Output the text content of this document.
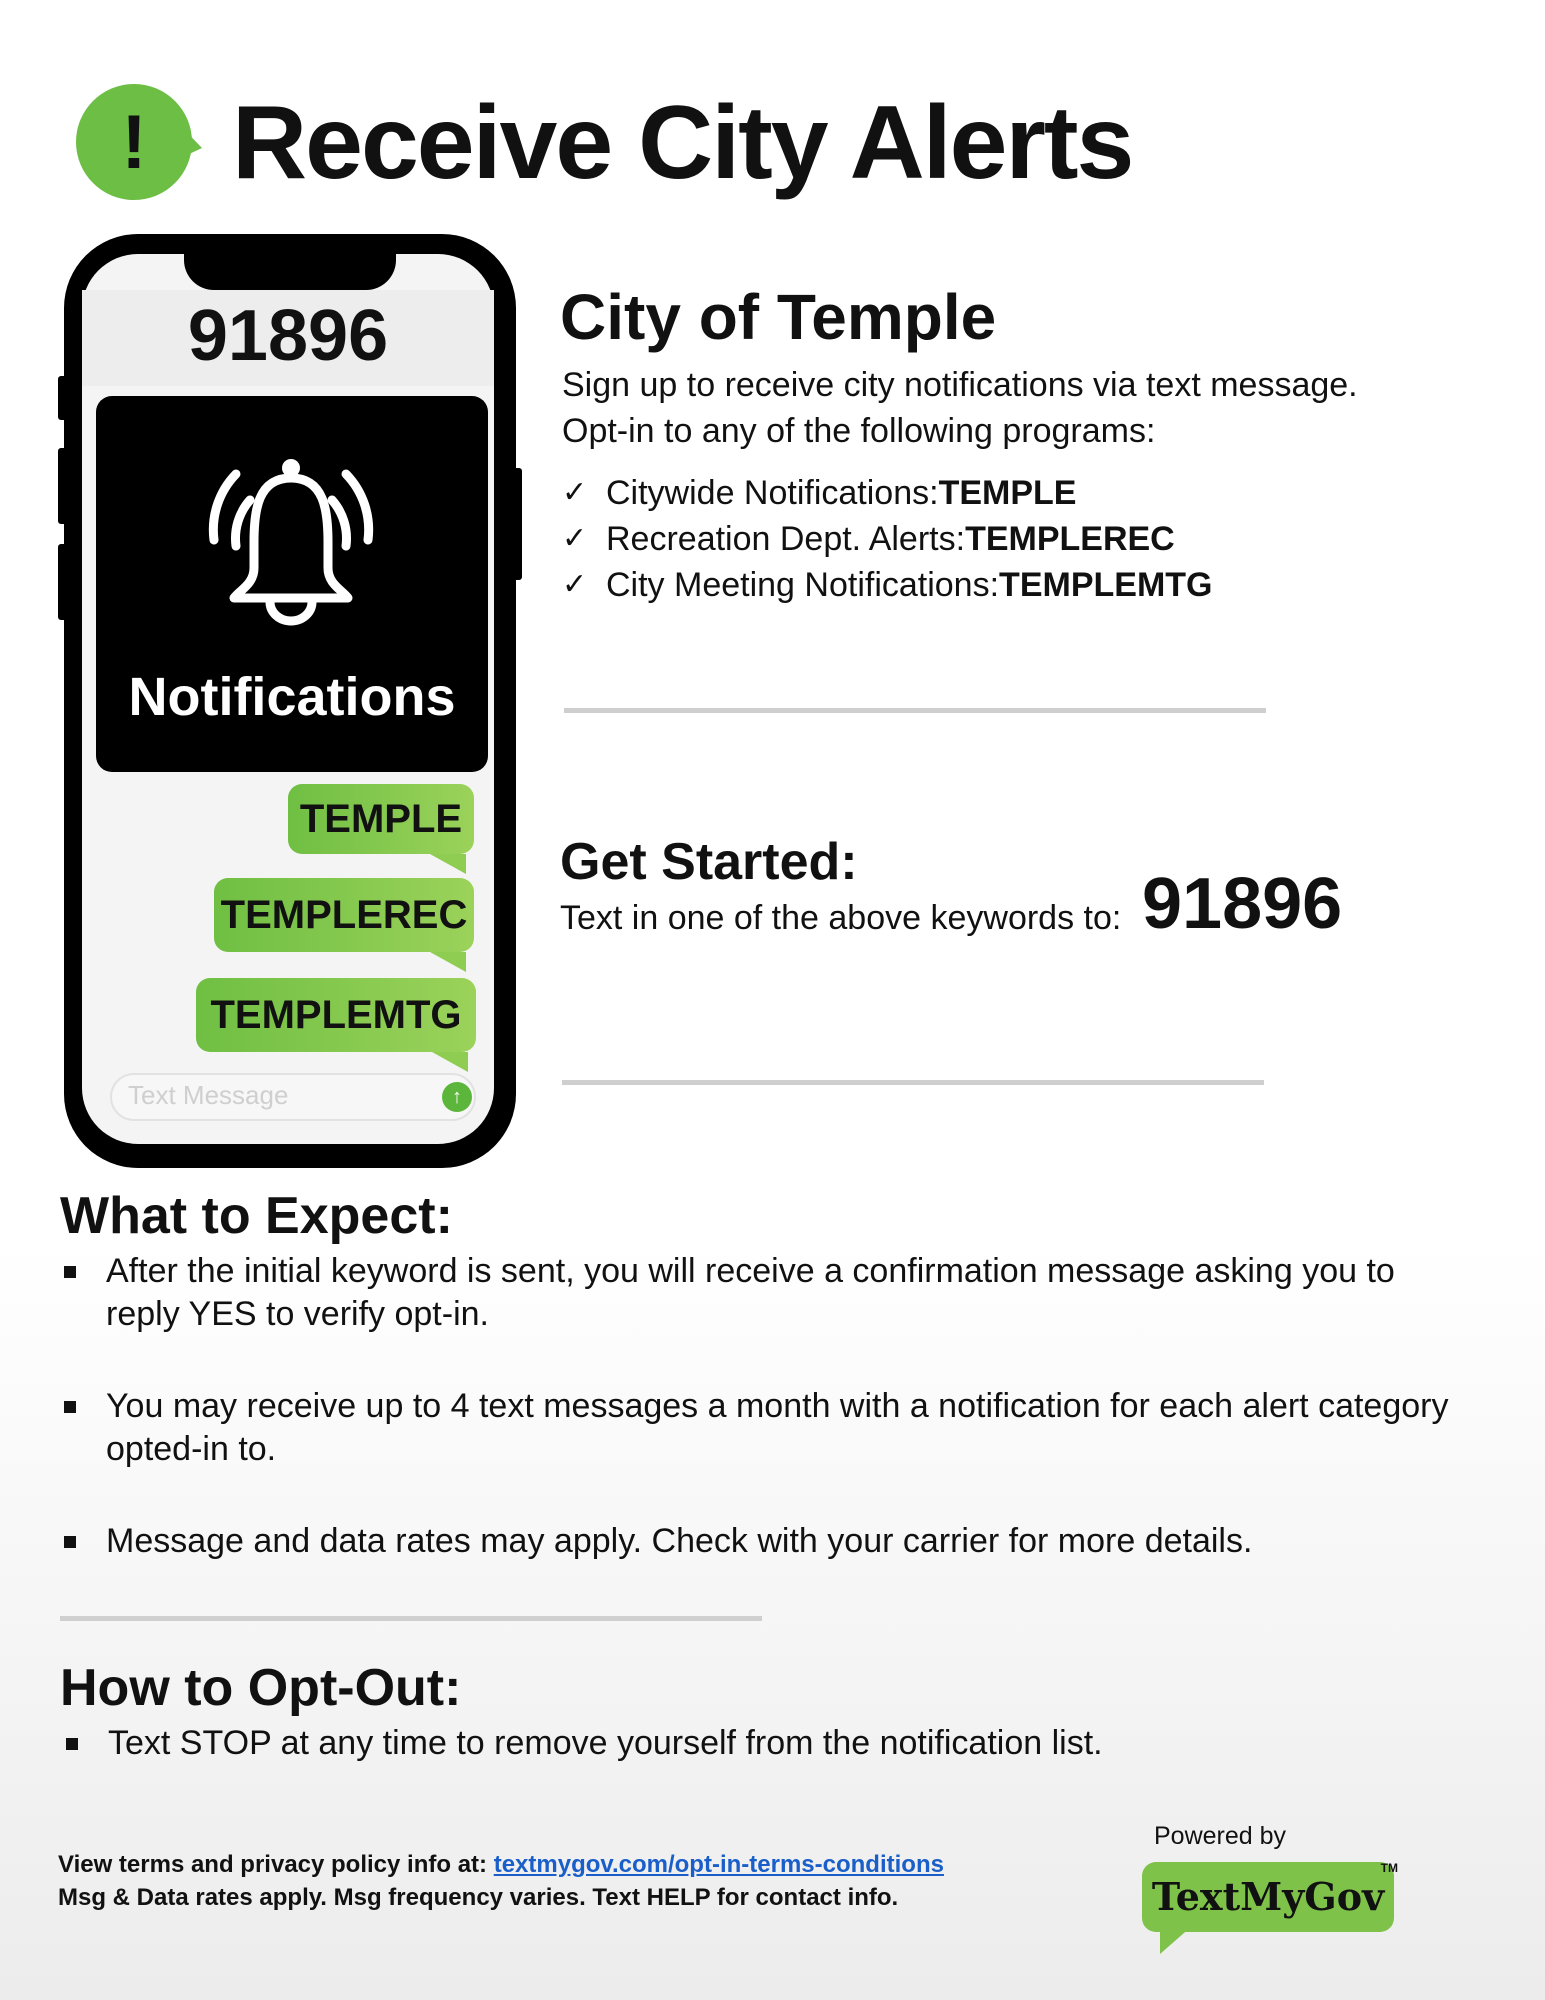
! Receive City Alerts
91896
Notifications
TEMPLE
TEMPLEREC
TEMPLEMTG
Text Message	↑
City of Temple
Sign up to receive city notifications via text message.
Opt-in to any of the following programs:
✓ Citywide Notifications: TEMPLE
✓ Recreation Dept. Alerts: TEMPLEREC
✓ City Meeting Notifications: TEMPLEMTG
Get Started:
Text in one of the above keywords to: 91896
What to Expect:
After the initial keyword is sent, you will receive a confirmation message asking you to reply YES to verify opt-in.
You may receive up to 4 text messages a month with a notification for each alert category opted-in to.
Message and data rates may apply. Check with your carrier for more details.
How to Opt-Out:
Text STOP at any time to remove yourself from the notification list.
View terms and privacy policy info at: textmygov.com/opt-in-terms-conditions
Msg & Data rates apply. Msg frequency varies. Text HELP for contact info.
Powered by
TextMyGov
TM
